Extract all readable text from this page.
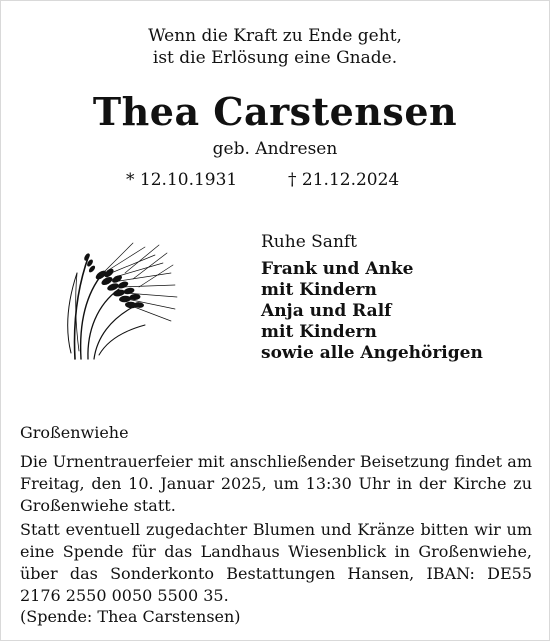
Wenn die Kraft zu Ende geht,
ist die Erlösung eine Gnade.
Thea Carstensen
geb. Andresen
* 12.10.1931	† 21.12.2024
Ruhe Sanft
Frank und Anke
mit Kindern
Anja und Ralf
mit Kindern
sowie alle Angehörigen
Großenwiehe
Die Urnentrauerfeier mit anschließender Beisetzung findet am Freitag, den 10. Januar 2025, um 13:30 Uhr in der Kirche zu Großenwiehe statt.
Statt eventuell zugedachter Blumen und Kränze bitten wir um eine Spende für das Landhaus Wiesenblick in Großenwiehe, über das Sonderkonto Bestattungen Hansen, IBAN: DE55 2176 2550 0050 5500 35.
(Spende: Thea Carstensen)
